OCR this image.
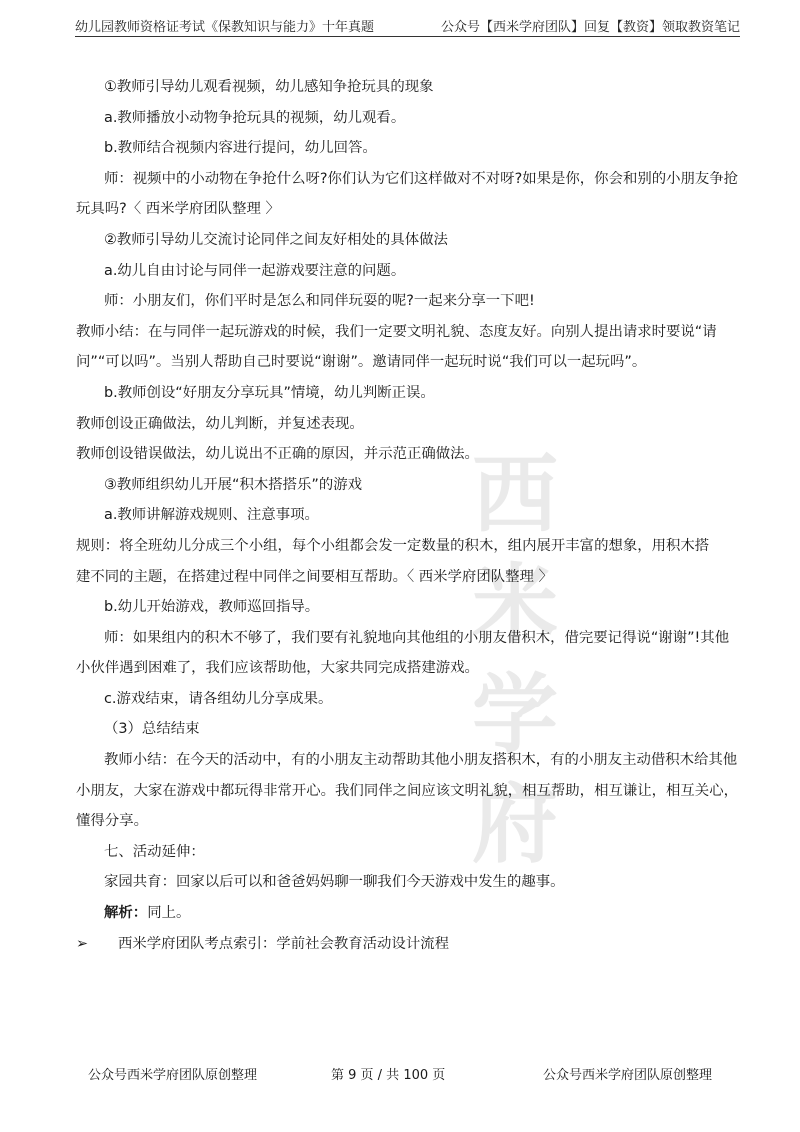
幼儿园教师资格证考试《保教知识与能力》十年真题	公众号【西米学府团队】回复【教资】领取教资笔记
西米学府
①教师引导幼儿观看视频，幼儿感知争抢玩具的现象
a.教师播放小动物争抢玩具的视频，幼儿观看。
b.教师结合视频内容进行提问，幼儿回答。
师：视频中的小动物在争抢什么呀?你们认为它们这样做对不对呀?如果是你，你会和别的小朋友争抢
玩具吗?〈 西米学府团队整理 〉
②教师引导幼儿交流讨论同伴之间友好相处的具体做法
a.幼儿自由讨论与同伴一起游戏要注意的问题。
师：小朋友们，你们平时是怎么和同伴玩耍的呢?一起来分享一下吧!
教师小结：在与同伴一起玩游戏的时候，我们一定要文明礼貌、态度友好。向别人提出请求时要说“请
问”“可以吗”。当别人帮助自己时要说“谢谢”。邀请同伴一起玩时说“我们可以一起玩吗”。
b.教师创设“好朋友分享玩具”情境，幼儿判断正误。
教师创设正确做法，幼儿判断，并复述表现。
教师创设错误做法，幼儿说出不正确的原因，并示范正确做法。
③教师组织幼儿开展“积木搭搭乐”的游戏
a.教师讲解游戏规则、注意事项。
规则：将全班幼儿分成三个小组，每个小组都会发一定数量的积木，组内展开丰富的想象，用积木搭
建不同的主题，在搭建过程中同伴之间要相互帮助。〈 西米学府团队整理 〉
b.幼儿开始游戏，教师巡回指导。
师：如果组内的积木不够了，我们要有礼貌地向其他组的小朋友借积木，借完要记得说“谢谢”!其他
小伙伴遇到困难了，我们应该帮助他，大家共同完成搭建游戏。
c.游戏结束，请各组幼儿分享成果。
（3）总结结束
教师小结：在今天的活动中，有的小朋友主动帮助其他小朋友搭积木，有的小朋友主动借积木给其他
小朋友，大家在游戏中都玩得非常开心。我们同伴之间应该文明礼貌，相互帮助，相互谦让，相互关心，
懂得分享。
七、活动延伸：
家园共育：回家以后可以和爸爸妈妈聊一聊我们今天游戏中发生的趣事。
解析：同上。
➢ 西米学府团队考点索引：学前社会教育活动设计流程
公众号西米学府团队原创整理	第 9 页 / 共 100 页	公众号西米学府团队原创整理
